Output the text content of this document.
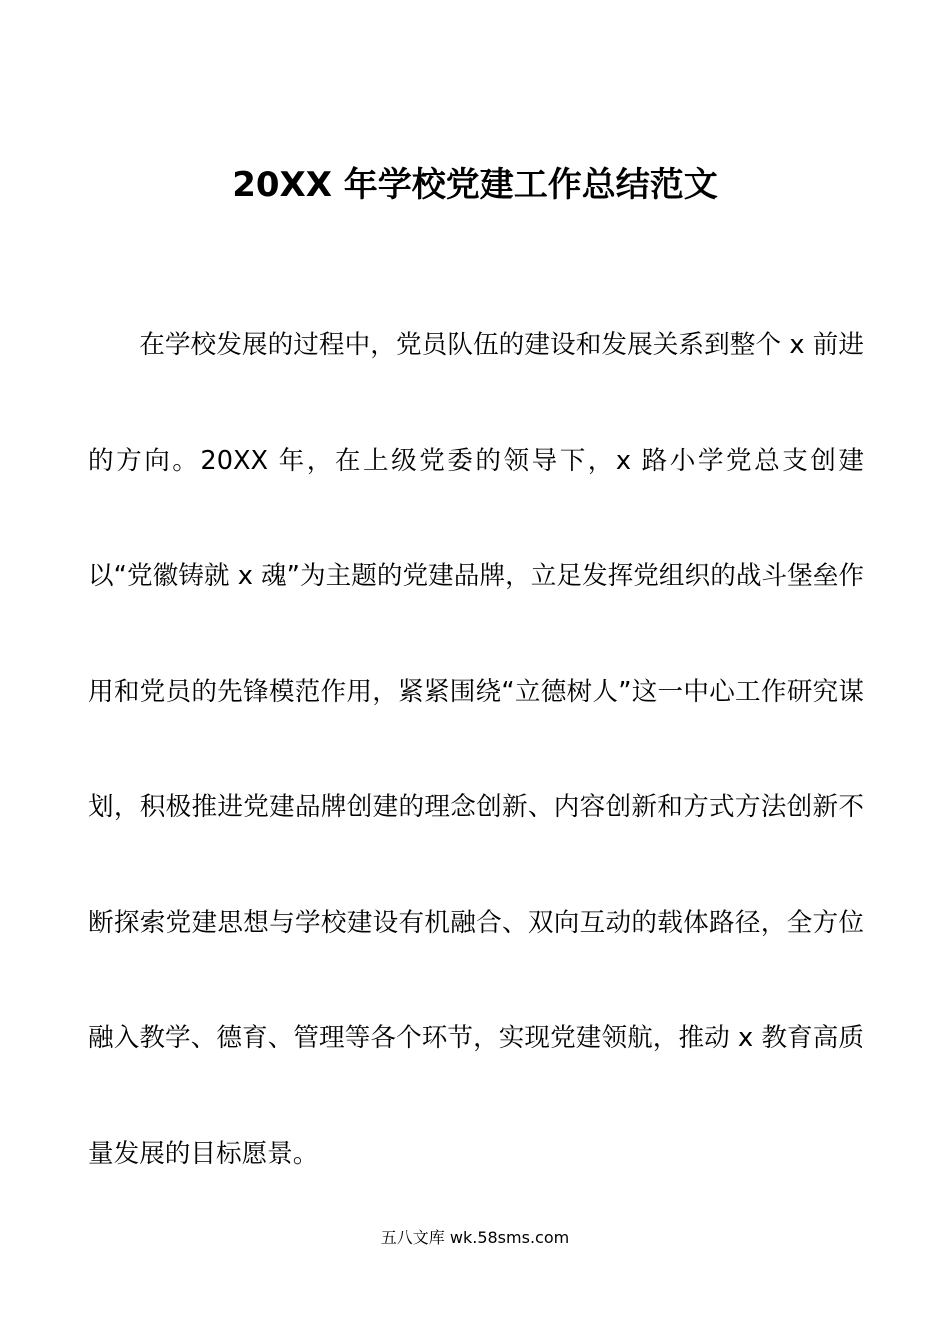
20XX 年学校党建工作总结范文

在学校发展的过程中，党员队伍的建设和发展关系到整个 x 前进的方向。20XX 年，在上级党委的领导下，x 路小学党总支创建以“党徽铸就 x 魂”为主题的党建品牌，立足发挥党组织的战斗堡垒作用和党员的先锋模范作用，紧紧围绕“立德树人”这一中心工作研究谋划，积极推进党建品牌创建的理念创新、内容创新和方式方法创新不断探索党建思想与学校建设有机融合、双向互动的载体路径，全方位融入教学、德育、管理等各个环节，实现党建领航，推动 x 教育高质量发展的目标愿景。

五八文库 wk.58sms.com
